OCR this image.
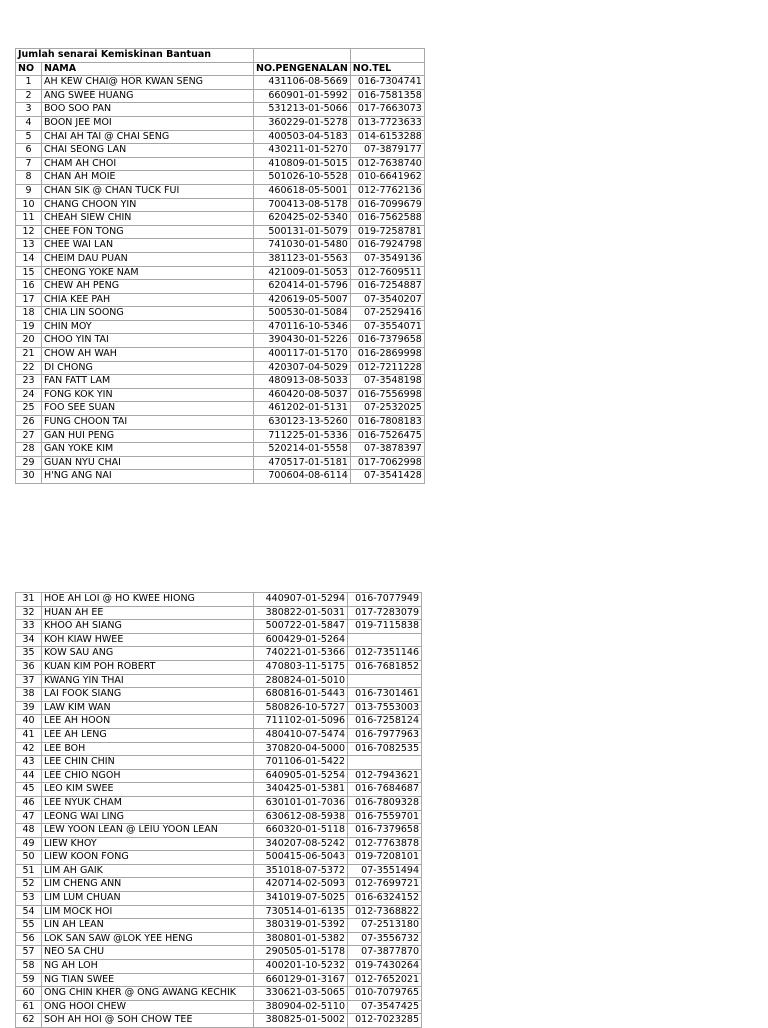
Jumlah senarai Kemiskinan Bantuan			
NO	NAMA	NO.PENGENALAN	NO.TEL
1	AH KEW CHAI@ HOR KWAN SENG	431106-08-5669	016-7304741
2	ANG SWEE HUANG	660901-01-5992	016-7581358
3	BOO SOO PAN	531213-01-5066	017-7663073
4	BOON JEE MOI	360229-01-5278	013-7723633
5	CHAI AH TAI @ CHAI SENG	400503-04-5183	014-6153288
6	CHAI SEONG LAN	430211-01-5270	07-3879177
7	CHAM AH CHOI	410809-01-5015	012-7638740
8	CHAN AH MOIE	501026-10-5528	010-6641962
9	CHAN SIK @ CHAN TUCK FUI	460618-05-5001	012-7762136
10	CHANG CHOON YIN	700413-08-5178	016-7099679
11	CHEAH SIEW CHIN	620425-02-5340	016-7562588
12	CHEE FON TONG	500131-01-5079	019-7258781
13	CHEE WAI LAN	741030-01-5480	016-7924798
14	CHEIM DAU PUAN	381123-01-5563	07-3549136
15	CHEONG YOKE NAM	421009-01-5053	012-7609511
16	CHEW AH PENG	620414-01-5796	016-7254887
17	CHIA KEE PAH	420619-05-5007	07-3540207
18	CHIA LIN SOONG	500530-01-5084	07-2529416
19	CHIN MOY	470116-10-5346	07-3554071
20	CHOO YIN TAI	390430-01-5226	016-7379658
21	CHOW AH WAH	400117-01-5170	016-2869998
22	DI CHONG	420307-04-5029	012-7211228
23	FAN FATT LAM	480913-08-5033	07-3548198
24	FONG KOK YIN	460420-08-5037	016-7556998
25	FOO SEE SUAN	461202-01-5131	07-2532025
26	FUNG CHOON TAI	630123-13-5260	016-7808183
27	GAN HUI PENG	711225-01-5336	016-7526475
28	GAN YOKE KIM	520214-01-5558	07-3878397
29	GUAN NYU CHAI	470517-01-5181	017-7062998
30	H'NG ANG NAI	700604-08-6114	07-3541428
31	HOE AH LOI @ HO KWEE HIONG	440907-01-5294	016-7077949
32	HUAN AH EE	380822-01-5031	017-7283079
33	KHOO AH SIANG	500722-01-5847	019-7115838
34	KOH KIAW HWEE	600429-01-5264	
35	KOW SAU ANG	740221-01-5366	012-7351146
36	KUAN KIM POH ROBERT	470803-11-5175	016-7681852
37	KWANG YIN THAI	280824-01-5010	
38	LAI FOOK SIANG	680816-01-5443	016-7301461
39	LAW KIM WAN	580826-10-5727	013-7553003
40	LEE AH HOON	711102-01-5096	016-7258124
41	LEE AH LENG	480410-07-5474	016-7977963
42	LEE BOH	370820-04-5000	016-7082535
43	LEE CHIN CHIN	701106-01-5422	
44	LEE CHIO NGOH	640905-01-5254	012-7943621
45	LEO KIM SWEE	340425-01-5381	016-7684687
46	LEE NYUK CHAM	630101-01-7036	016-7809328
47	LEONG WAI LING	630612-08-5938	016-7559701
48	LEW YOON LEAN @ LEIU YOON LEAN	660320-01-5118	016-7379658
49	LIEW KHOY	340207-08-5242	012-7763878
50	LIEW KOON FONG	500415-06-5043	019-7208101
51	LIM AH GAIK	351018-07-5372	07-3551494
52	LIM CHENG ANN	420714-02-5093	012-7699721
53	LIM LUM CHUAN	341019-07-5025	016-6324152
54	LIM MOCK HOI	730514-01-6135	012-7368822
55	LIN AH LEAN	380319-01-5392	07-2513180
56	LOK SAN SAW @LOK YEE HENG	380801-01-5382	07-3556732
57	NEO SA CHU	290505-01-5178	07-3877870
58	NG AH LOH	400201-10-5232	019-7430264
59	NG TIAN SWEE	660129-01-3167	012-7652021
60	ONG CHIN KHER @ ONG AWANG KECHIK	330621-03-5065	010-7079765
61	ONG HOOI CHEW	380904-02-5110	07-3547425
62	SOH AH HOI @ SOH CHOW TEE	380825-01-5002	012-7023285
